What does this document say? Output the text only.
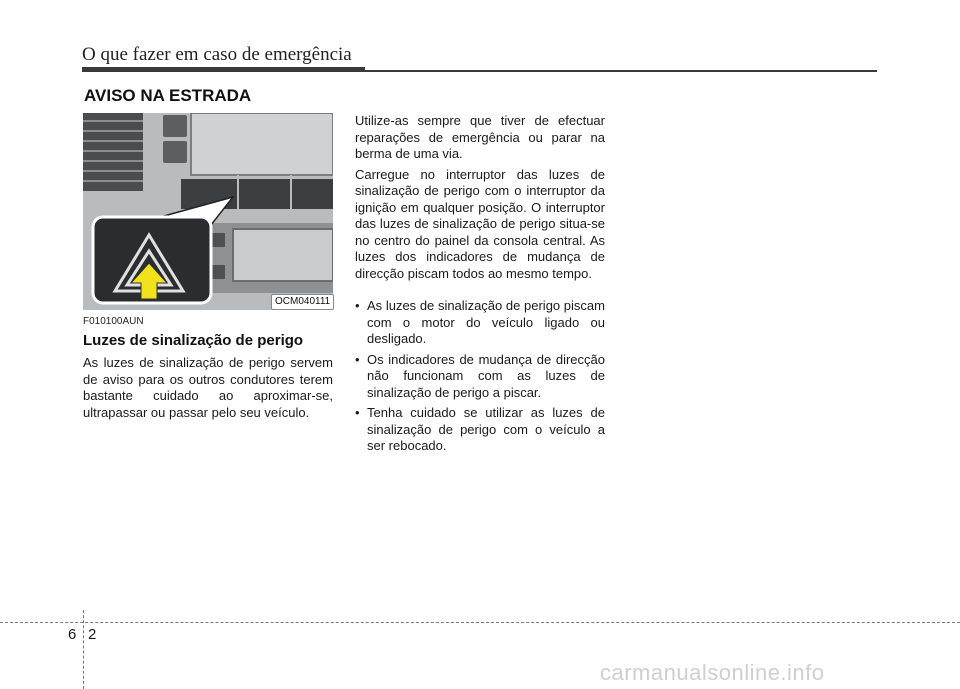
O que fazer em caso de emergência
AVISO NA ESTRADA
OCM040111
F010100AUN
Luzes de sinalização de perigo

As luzes de sinalização de perigo servem de aviso para os outros condutores terem bastante cuidado ao aproximar-se, ultrapassar ou passar pelo seu veículo.

Utilize-as sempre que tiver de efectuar reparações de emergência ou parar na berma de uma via.

Carregue no interruptor das luzes de sinalização de perigo com o interruptor da ignição em qualquer posição. O interruptor das luzes de sinalização de perigo situa-se no centro do painel da consola central. As luzes dos indicadores de mudança de direcção piscam todos ao mesmo tempo.

• As luzes de sinalização de perigo piscam com o motor do veículo ligado ou desligado.
• Os indicadores de mudança de direcção não funcionam com as luzes de sinalização de perigo a piscar.
• Tenha cuidado se utilizar as luzes de sinalização de perigo com o veículo a ser rebocado.
6 2
carmanualsonline.info
